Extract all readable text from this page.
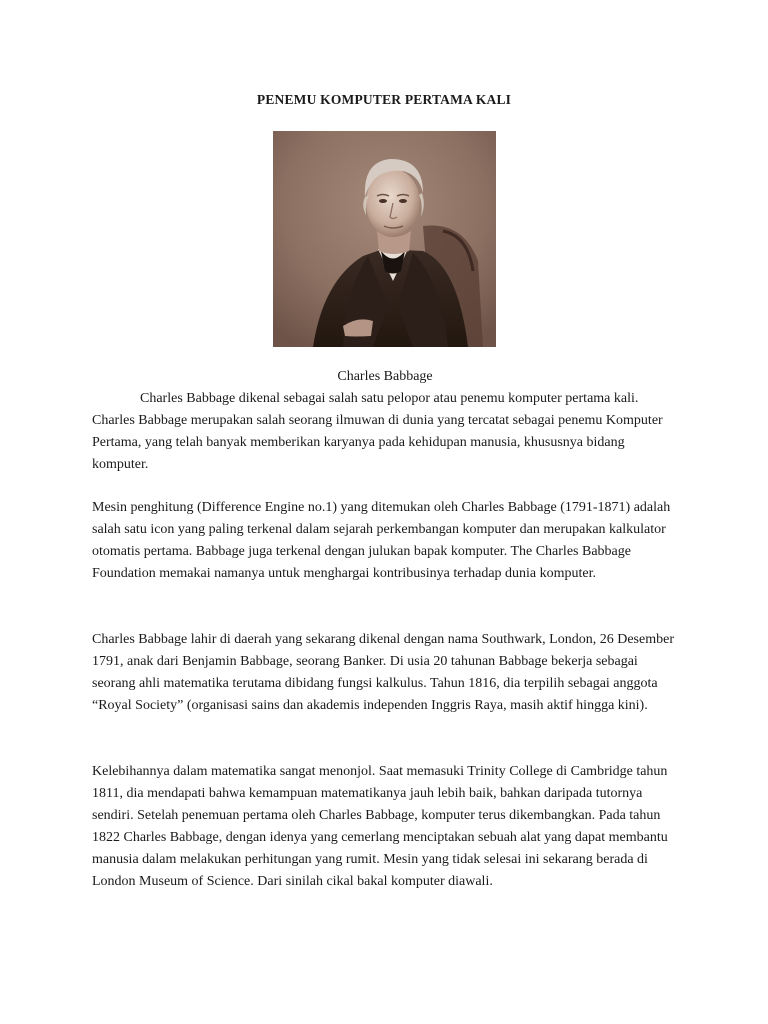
PENEMU KOMPUTER PERTAMA KALI
Charles Babbage

Charles Babbage dikenal sebagai salah satu pelopor atau penemu komputer pertama kali. Charles Babbage merupakan salah seorang ilmuwan di dunia yang tercatat sebagai penemu Komputer Pertama, yang telah banyak memberikan karyanya pada kehidupan manusia, khususnya bidang komputer.

Mesin penghitung (Difference Engine no.1) yang ditemukan oleh Charles Babbage (1791-1871) adalah salah satu icon yang paling terkenal dalam sejarah perkembangan komputer dan merupakan kalkulator otomatis pertama. Babbage juga terkenal dengan julukan bapak komputer. The Charles Babbage Foundation memakai namanya untuk menghargai kontribusinya terhadap dunia komputer.

Charles Babbage lahir di daerah yang sekarang dikenal dengan nama Southwark, London, 26 Desember 1791, anak dari Benjamin Babbage, seorang Banker. Di usia 20 tahunan Babbage bekerja sebagai seorang ahli matematika terutama dibidang fungsi kalkulus. Tahun 1816, dia terpilih sebagai anggota “Royal Society” (organisasi sains dan akademis independen Inggris Raya, masih aktif hingga kini).

Kelebihannya dalam matematika sangat menonjol. Saat memasuki Trinity College di Cambridge tahun 1811, dia mendapati bahwa kemampuan matematikanya jauh lebih baik, bahkan daripada tutornya sendiri. Setelah penemuan pertama oleh Charles Babbage, komputer terus dikembangkan. Pada tahun 1822 Charles Babbage, dengan idenya yang cemerlang menciptakan sebuah alat yang dapat membantu manusia dalam melakukan perhitungan yang rumit. Mesin yang tidak selesai ini sekarang berada di London Museum of Science. Dari sinilah cikal bakal komputer diawali.
